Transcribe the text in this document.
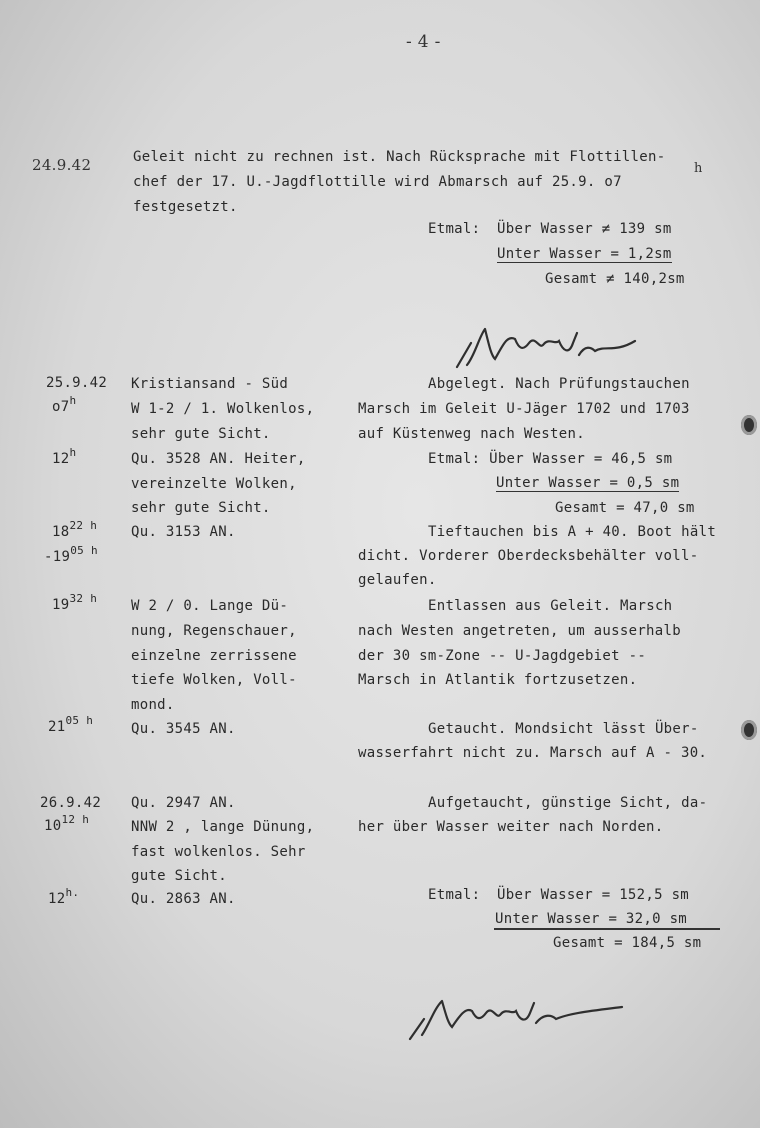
- 4 -
24.9.42	Geleit nicht zu rechnen ist. Nach Rücksprache mit Flottillen-
chef der 17. U.-Jagdflottille wird Abmarsch auf 25.9. o7
h
festgesetzt.
Etmal: Über Wasser ≠ 139 sm
Unter Wasser = 1,2sm
Gesamt ≠ 140,2sm
25.9.42
o7$^h$
12$^h$
$18^{22 h}$
$-19^{05 h}$
$19^{32 h}$
$21^{05 h}$
Kristiansand - Süd
W 1-2 / 1. Wolkenlos,
sehr gute Sicht.
Qu. 3528 AN. Heiter,
vereinzelte Wolken,
sehr gute Sicht.
Qu. 3153 AN.
W 2 / 0. Lange Dü-
nung, Regenschauer,
einzelne zerrissene
tiefe Wolken, Voll-
mond.
Qu. 3545 AN.
Abgelegt. Nach Prüfungstauchen
Marsch im Geleit U-Jäger 1702 und 1703
auf Küstenweg nach Westen.
Etmal: Über Wasser = 46,5 sm
Unter Wasser = 0,5 sm
Gesamt = 47,0 sm
Tieftauchen bis A + 40. Boot hält
dicht. Vorderer Oberdecksbehälter voll-
gelaufen.
Entlassen aus Geleit. Marsch
nach Westen angetreten, um ausserhalb
der 30 sm-Zone -- U-Jagdgebiet --
Marsch in Atlantik fortzusetzen.
Getaucht. Mondsicht lässt Über-
wasserfahrt nicht zu. Marsch auf A - 30.
26.9.42
$10^{12 h}$
$12^{h.}$
Qu. 2947 AN.
NNW 2 , lange Dünung,
fast wolkenlos. Sehr
gute Sicht.
Qu. 2863 AN.
Aufgetaucht, günstige Sicht, da-
her über Wasser weiter nach Norden.
Etmal: Über Wasser = 152,5 sm
Unter Wasser = 32,0 sm
Gesamt = 184,5 sm
